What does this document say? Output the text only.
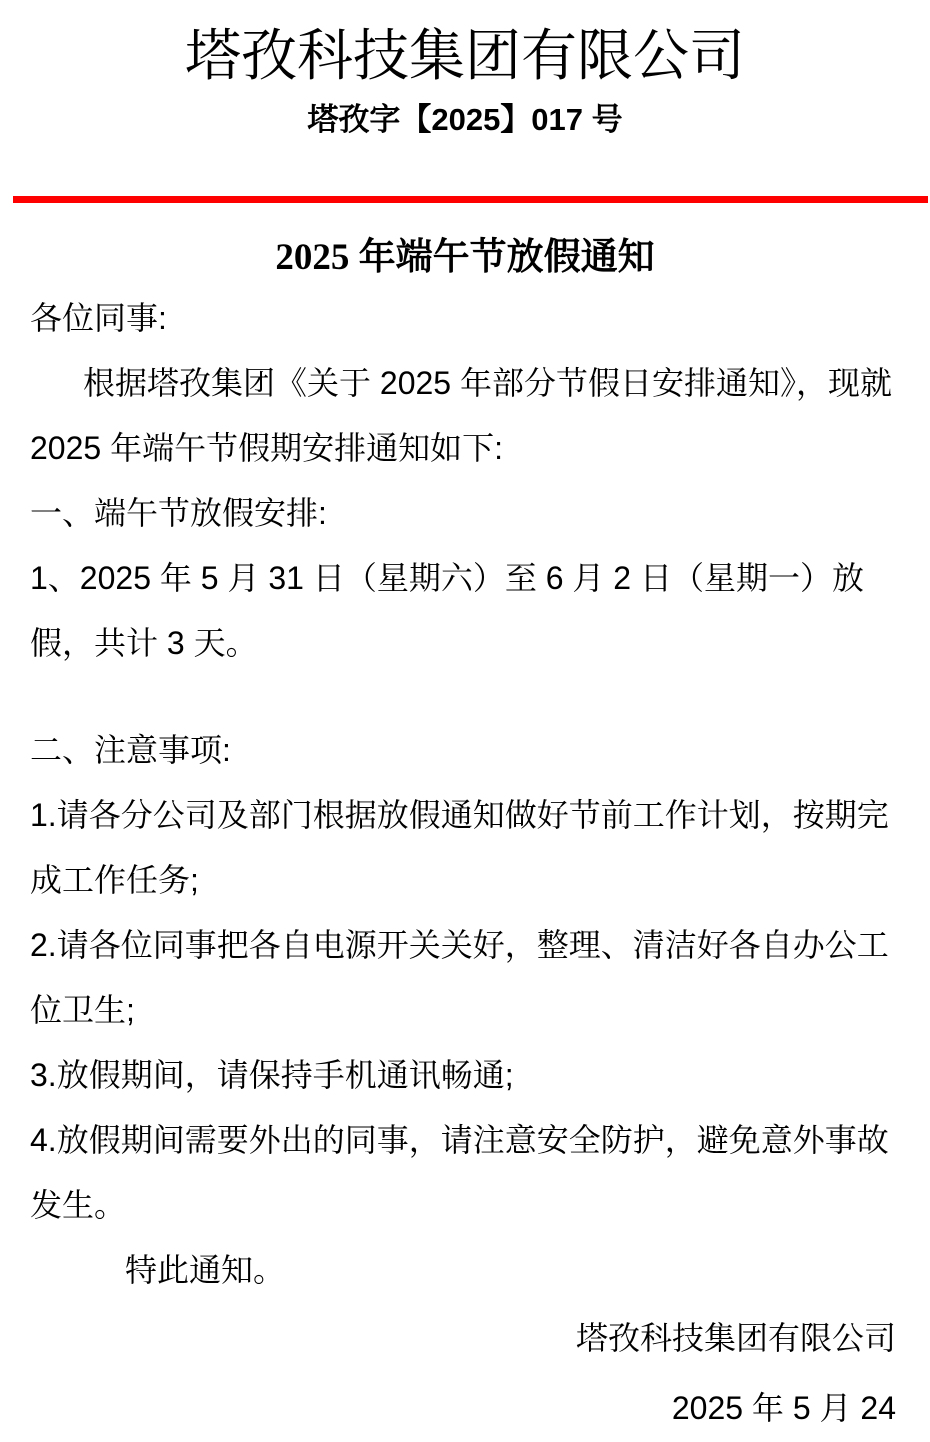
塔孜科技集团有限公司
塔孜字【2025】017 号
2025 年端午节放假通知
各位同事:
根据塔孜集团《关于 2025 年部分节假日安排通知》，现就
2025 年端午节假期安排通知如下:
一、端午节放假安排:
1、2025 年 5 月 31 日（星期六）至 6 月 2 日（星期一）放
假，共计 3 天。
二、注意事项:
1.请各分公司及部门根据放假通知做好节前工作计划，按期完
成工作任务;
2.请各位同事把各自电源开关关好，整理、清洁好各自办公工
位卫生;
3.放假期间，请保持手机通讯畅通;
4.放假期间需要外出的同事，请注意安全防护，避免意外事故
发生。
特此通知。
塔孜科技集团有限公司
2025 年 5 月 24
